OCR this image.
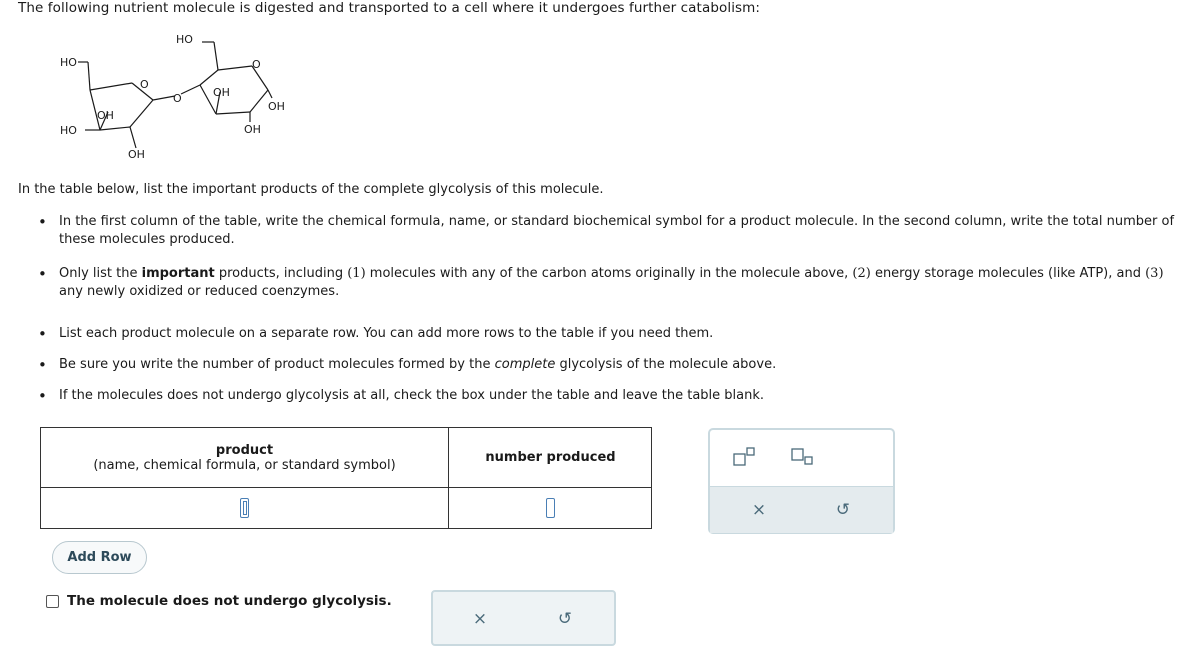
The following nutrient molecule is digested and transported to a cell where it undergoes further catabolism:
HO
HO
HO
OH
OH
O
O	OH
O
OH
OH
In the table below, list the important products of the complete glycolysis of this molecule.
• In the first column of the table, write the chemical formula, name, or standard biochemical symbol for a product molecule. In the second column, write the total number of these molecules produced.
• Only list the important products, including (1) molecules with any of the carbon atoms originally in the molecule above, (2) energy storage molecules (like ATP), and (3) any newly oxidized or reduced coenzymes.
• List each product molecule on a separate row. You can add more rows to the table if you need them.
• Be sure you write the number of product molecules formed by the complete glycolysis of the molecule above.
• If the molecules does not undergo glycolysis at all, check the box under the table and leave the table blank.
product
(name, chemical formula, or standard symbol)	number produced
Add Row
The molecule does not undergo glycolysis.
×	↺
×	↺
